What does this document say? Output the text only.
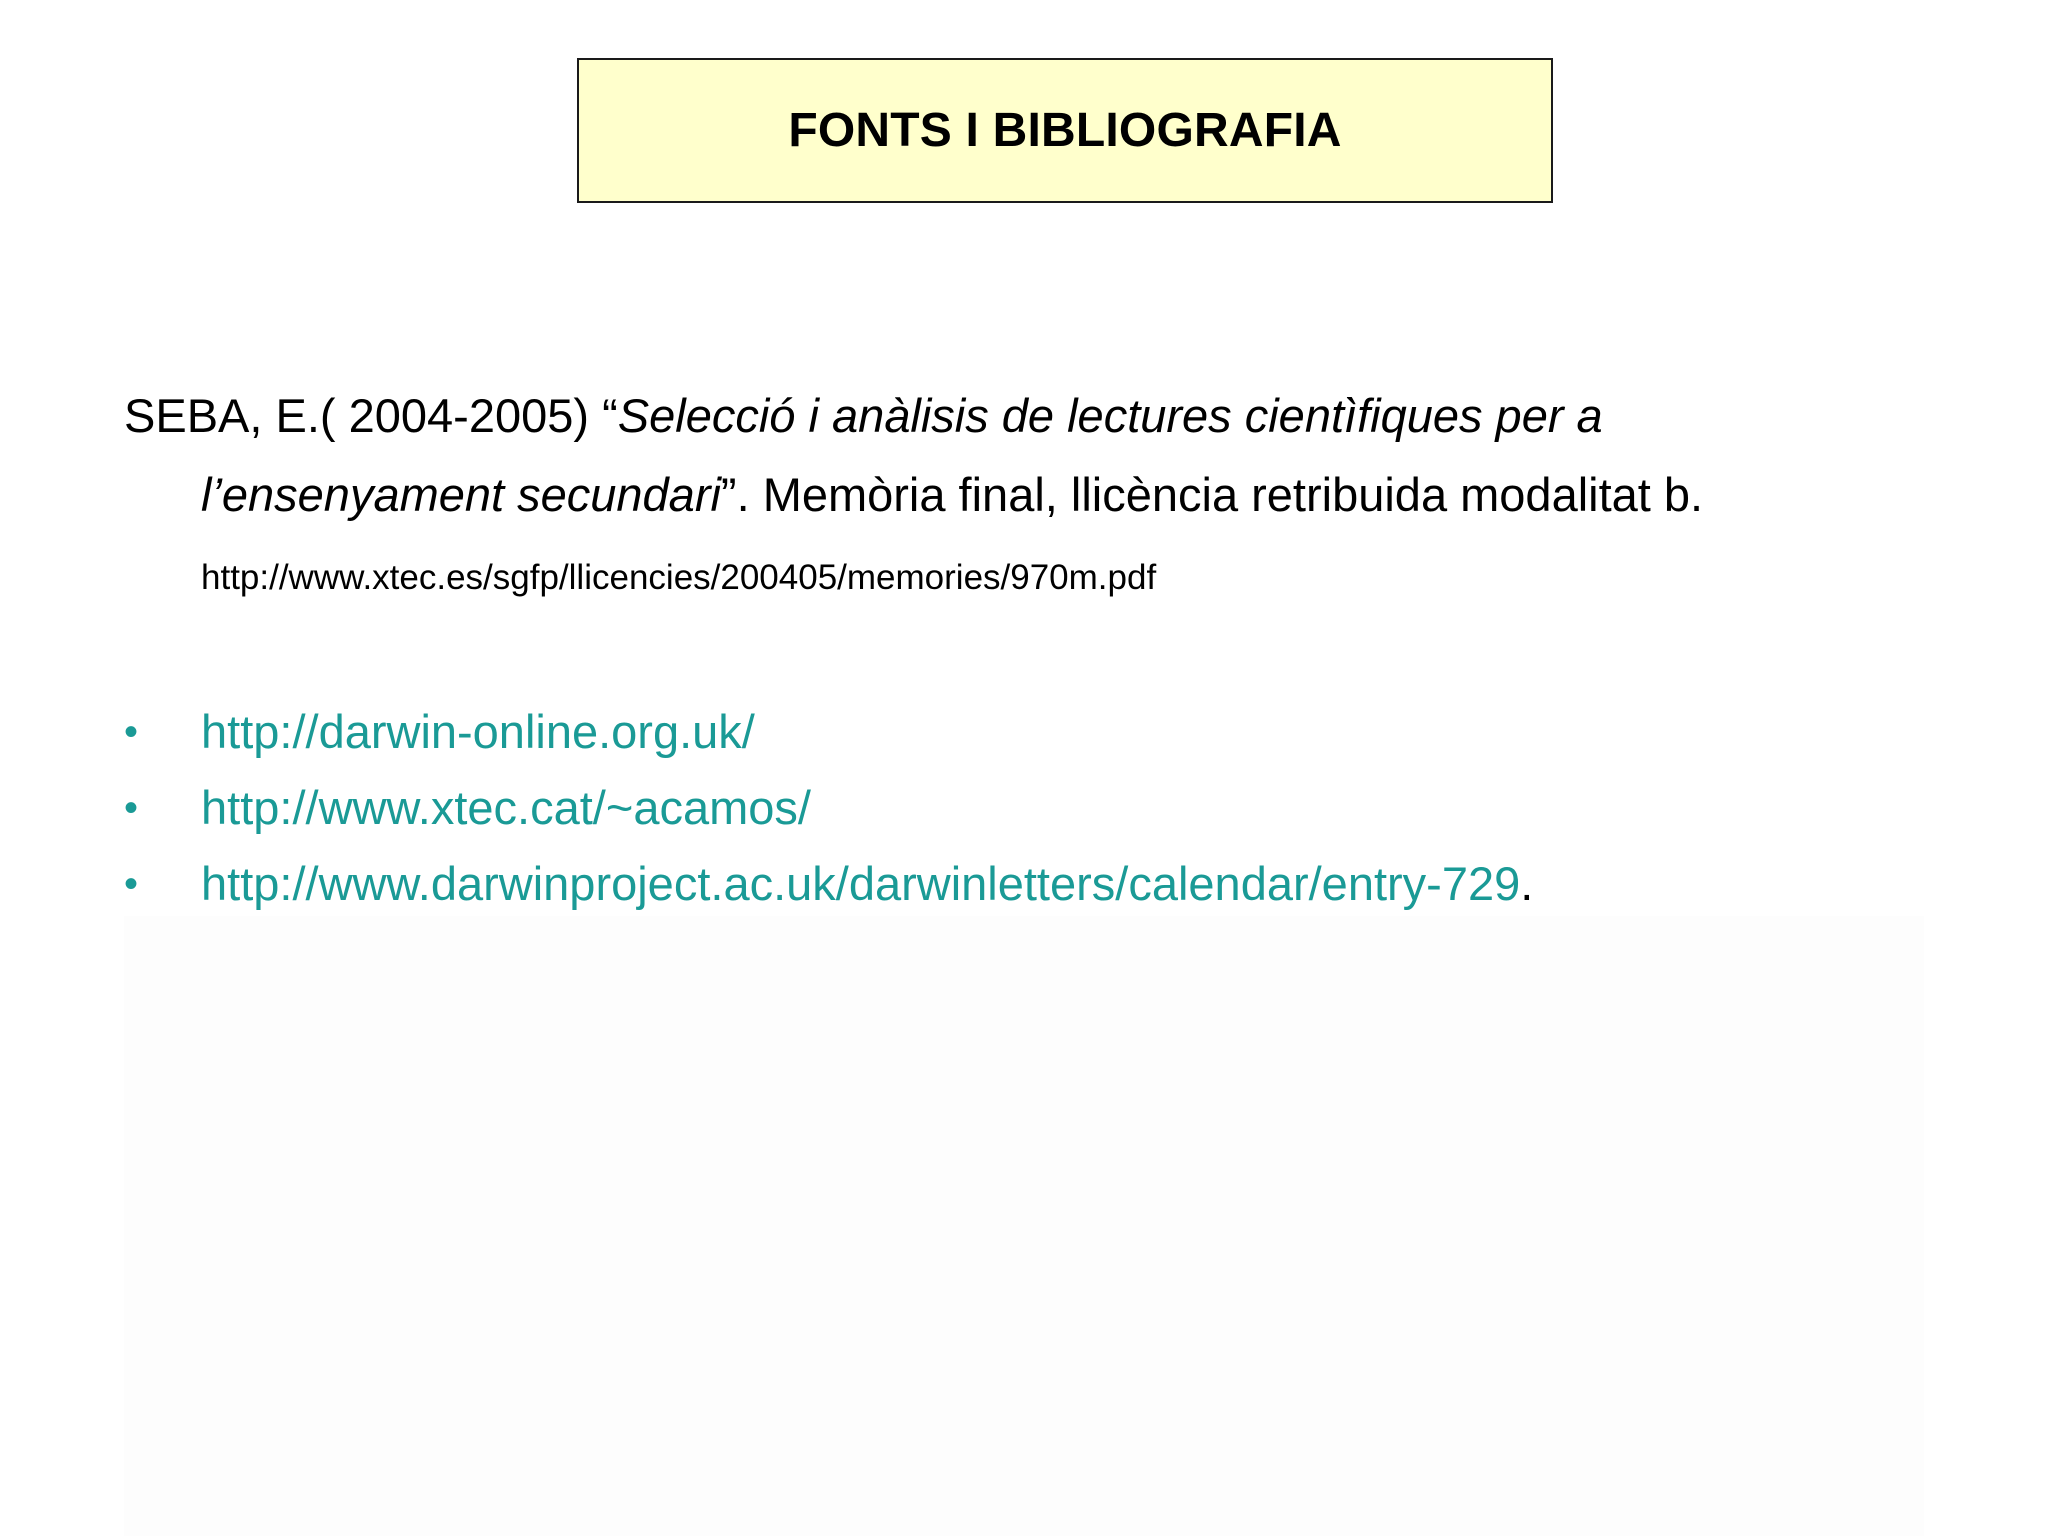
FONTS I BIBLIOGRAFIA
SEBA, E.( 2004-2005) “Selecció i anàlisis de lectures cientìfiques per a
l’ensenyament secundari”. Memòria final, llicència retribuida modalitat b.
http://www.xtec.es/sgfp/llicencies/200405/memories/970m.pdf
• http://darwin-online.org.uk/
• http://www.xtec.cat/~acamos/
• http://www.darwinproject.ac.uk/darwinletters/calendar/entry-729.
